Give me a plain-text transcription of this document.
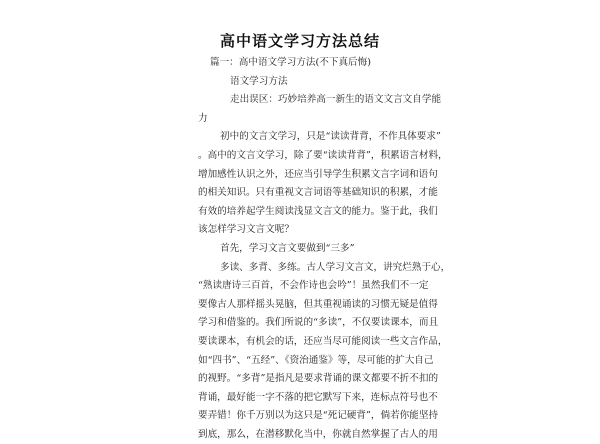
高中语文学习方法总结
篇一：高中语文学习方法(不下真后悔)
语文学习方法
走出误区：巧妙培养高一新生的语文文言文自学能
力
初中的文言文学习，只是“读读背背，不作具体要求”
。高中的文言文学习，除了要“读读背背”，积累语言材料，
增加感性认识之外，还应当引导学生积累文言字词和语句
的相关知识。只有重视文言词语等基础知识的积累，才能
有效的培养起学生阅读浅显文言文的能力。鉴于此，我们
该怎样学习文言文呢？
首先，学习文言文要做到“三多”
多读、多背、多练。古人学习文言文，讲究烂熟于心，
“熟读唐诗三百首，不会作诗也会吟”！虽然我们不一定
要像古人那样摇头晃脑，但其重视诵读的习惯无疑是值得
学习和借鉴的。我们所说的“多读”，不仅要读课本，而且
要读课本，有机会的话，还应当尽可能阅读一些文言作品，
如“四书”、“五经”、《资治通鉴》等，尽可能的扩大自己
的视野。“多背”是指凡是要求背诵的课文都要不折不扣的
背诵，最好能一字不落的把它默写下来，连标点符号也不
要弄错！你千万别以为这只是“死记硬背”，倘若你能坚持
到底，那么，在潜移默化当中，你就自然掌握了古人的用
